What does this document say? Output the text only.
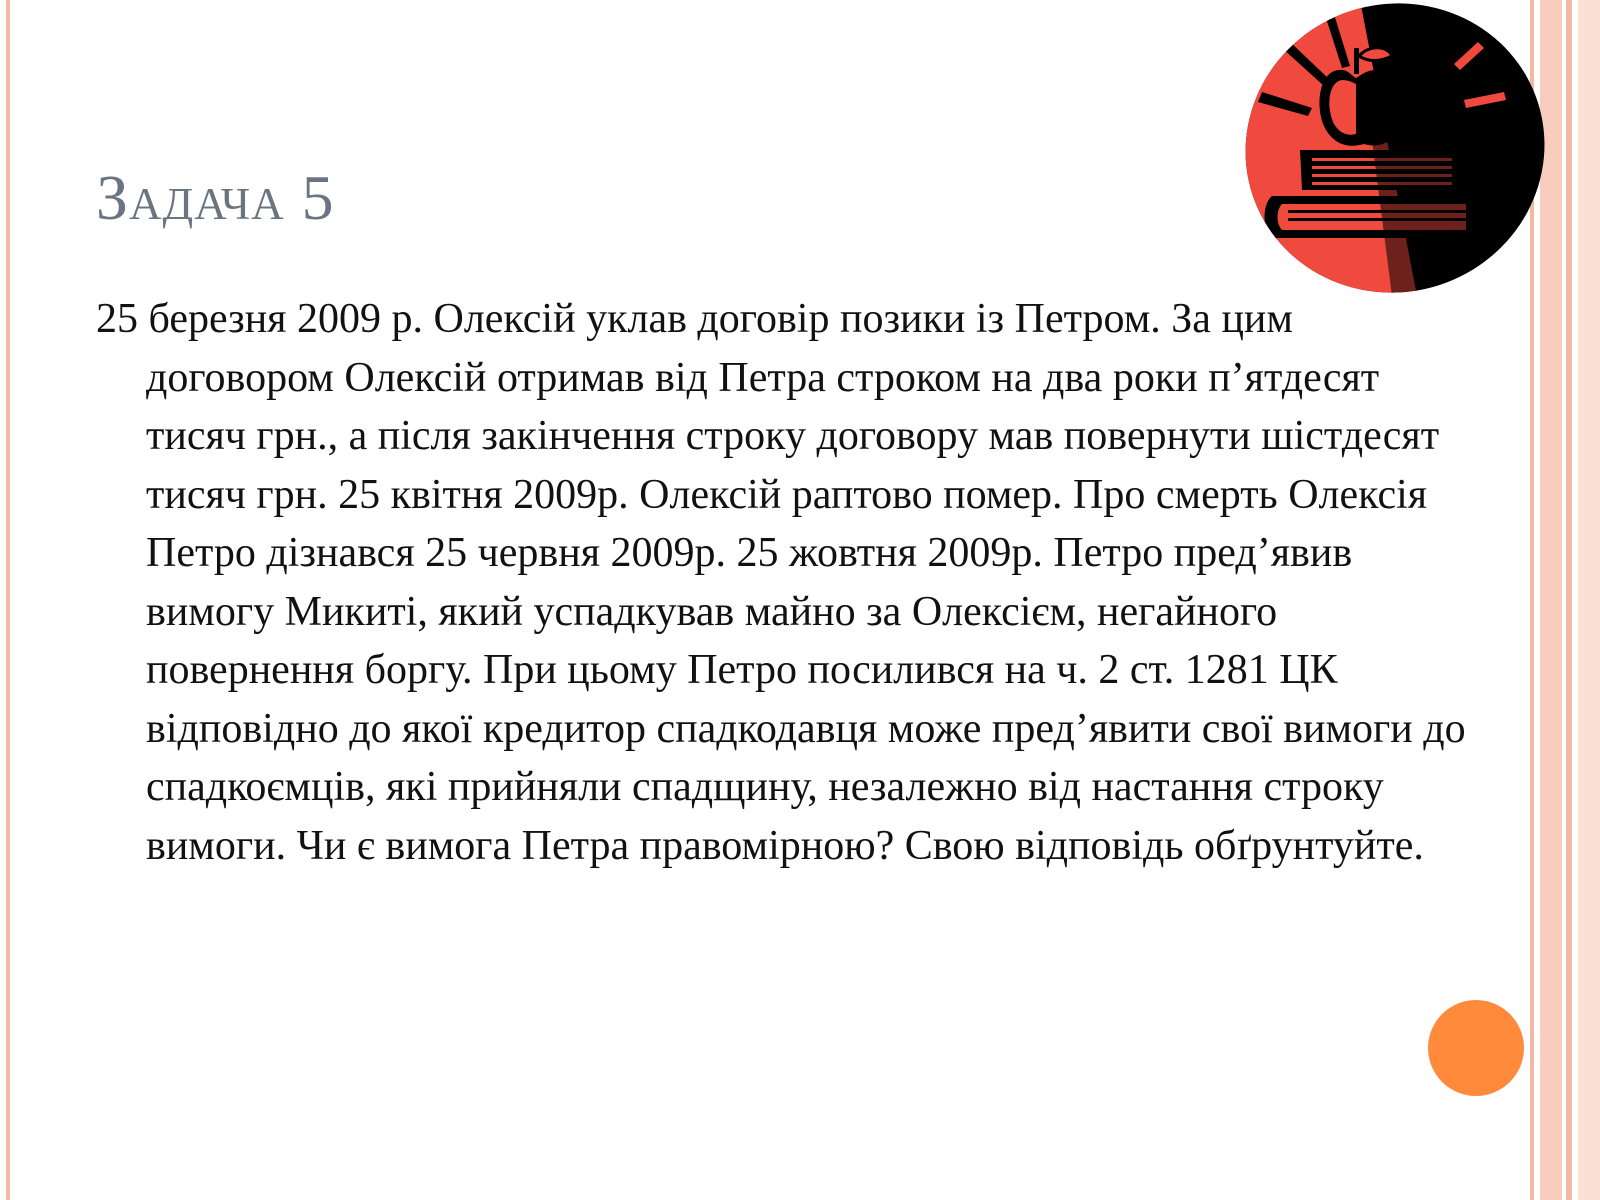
Задача 5

25 березня 2009 р. Олексій уклав договір позики із Петром. За цим договором Олексій отримав від Петра строком на два роки п’ятдесят тисяч грн., а після закінчення строку договору мав повернути шістдесят тисяч грн. 25 квітня 2009р. Олексій раптово помер. Про смерть Олексія Петро дізнався 25 червня 2009р. 25 жовтня 2009р. Петро пред’явив вимогу Микиті, який успадкував майно за Олексієм, негайного повернення боргу. При цьому Петро посилився на ч. 2 ст. 1281 ЦК відповідно до якої кредитор спадкодавця може пред’явити свої вимоги до спадкоємців, які прийняли спадщину, незалежно від настання строку вимоги. Чи є вимога Петра правомірною? Свою відповідь обґрунтуйте.
